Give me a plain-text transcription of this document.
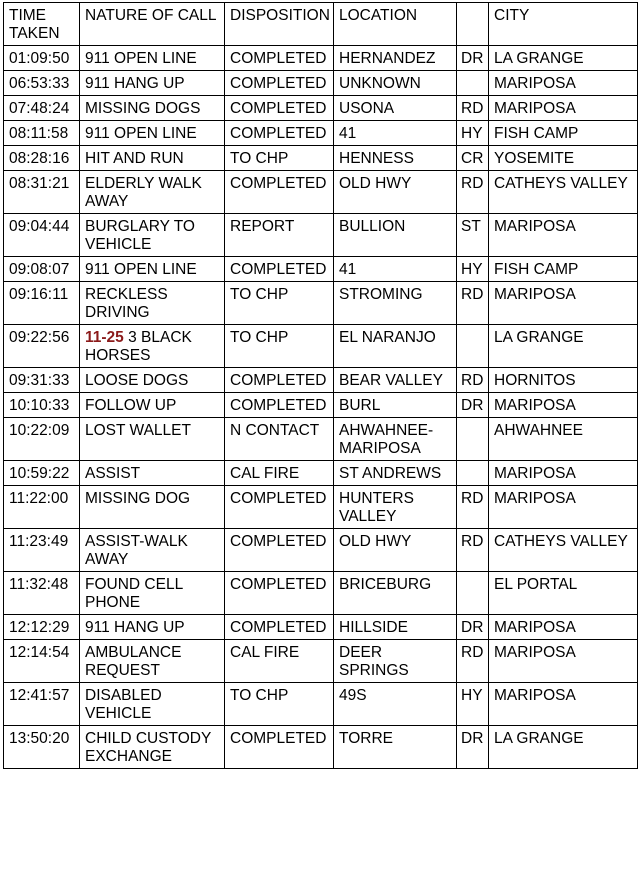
TIME TAKEN	NATURE OF CALL	DISPOSITION	LOCATION		CITY
01:09:50	911 OPEN LINE	COMPLETED	HERNANDEZ	DR	LA GRANGE
06:53:33	911 HANG UP	COMPLETED	UNKNOWN		MARIPOSA
07:48:24	MISSING DOGS	COMPLETED	USONA	RD	MARIPOSA
08:11:58	911 OPEN LINE	COMPLETED	41	HY	FISH CAMP
08:28:16	HIT AND RUN	TO CHP	HENNESS	CR	YOSEMITE
08:31:21	ELDERLY WALK AWAY	COMPLETED	OLD HWY	RD	CATHEYS VALLEY
09:04:44	BURGLARY TO VEHICLE	REPORT	BULLION	ST	MARIPOSA
09:08:07	911 OPEN LINE	COMPLETED	41	HY	FISH CAMP
09:16:11	RECKLESS DRIVING	TO CHP	STROMING	RD	MARIPOSA
09:22:56	11-25 3 BLACK HORSES	TO CHP	EL NARANJO		LA GRANGE
09:31:33	LOOSE DOGS	COMPLETED	BEAR VALLEY	RD	HORNITOS
10:10:33	FOLLOW UP	COMPLETED	BURL	DR	MARIPOSA
10:22:09	LOST WALLET	N CONTACT	AHWAHNEE-MARIPOSA		AHWAHNEE
10:59:22	ASSIST	CAL FIRE	ST ANDREWS		MARIPOSA
11:22:00	MISSING DOG	COMPLETED	HUNTERS VALLEY	RD	MARIPOSA
11:23:49	ASSIST-WALK AWAY	COMPLETED	OLD HWY	RD	CATHEYS VALLEY
11:32:48	FOUND CELL PHONE	COMPLETED	BRICEBURG		EL PORTAL
12:12:29	911 HANG UP	COMPLETED	HILLSIDE	DR	MARIPOSA
12:14:54	AMBULANCE REQUEST	CAL FIRE	DEER SPRINGS	RD	MARIPOSA
12:41:57	DISABLED VEHICLE	TO CHP	49S	HY	MARIPOSA
13:50:20	CHILD CUSTODY EXCHANGE	COMPLETED	TORRE	DR	LA GRANGE
